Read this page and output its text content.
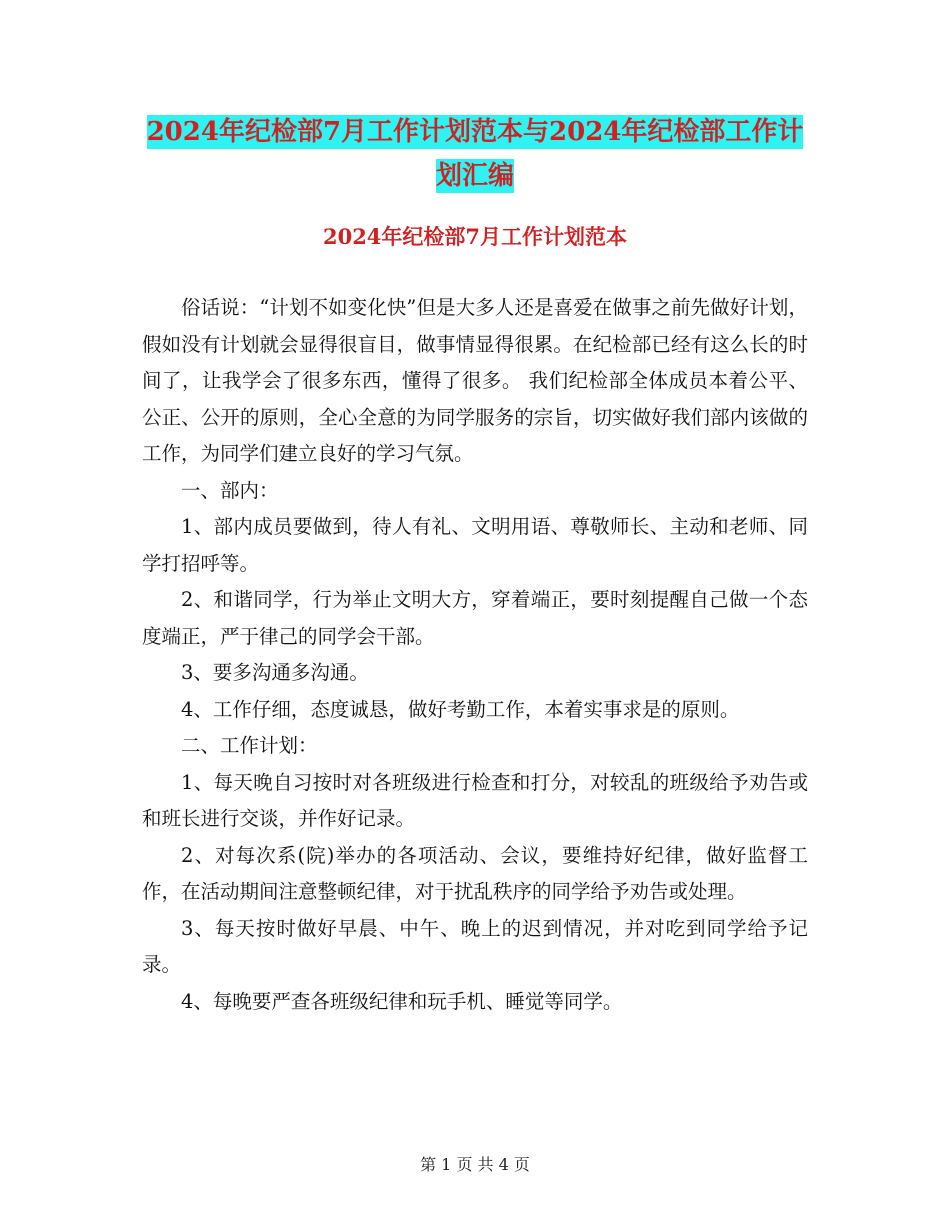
2024年纪检部7月工作计划范本与2024年纪检部工作计划汇编
2024年纪检部7月工作计划范本

俗话说：“计划不如变化快”但是大多人还是喜爱在做事之前先做好计划，假如没有计划就会显得很盲目，做事情显得很累。在纪检部已经有这么长的时间了，让我学会了很多东西，懂得了很多。 我们纪检部全体成员本着公平、公正、公开的原则，全心全意的为同学服务的宗旨，切实做好我们部内该做的工作，为同学们建立良好的学习气氛。

一、部内：

1、部内成员要做到，待人有礼、文明用语、尊敬师长、主动和老师、同学打招呼等。

2、和谐同学，行为举止文明大方，穿着端正，要时刻提醒自己做一个态度端正，严于律己的同学会干部。

3、要多沟通多沟通。

4、工作仔细，态度诚恳，做好考勤工作，本着实事求是的原则。

二、工作计划：

1、每天晚自习按时对各班级进行检查和打分，对较乱的班级给予劝告或和班长进行交谈，并作好记录。

2、对每次系(院)举办的各项活动、会议，要维持好纪律，做好监督工作，在活动期间注意整顿纪律，对于扰乱秩序的同学给予劝告或处理。

3、每天按时做好早晨、中午、晚上的迟到情况，并对吃到同学给予记录。

4、每晚要严查各班级纪律和玩手机、睡觉等同学。

第 1 页 共 4 页
